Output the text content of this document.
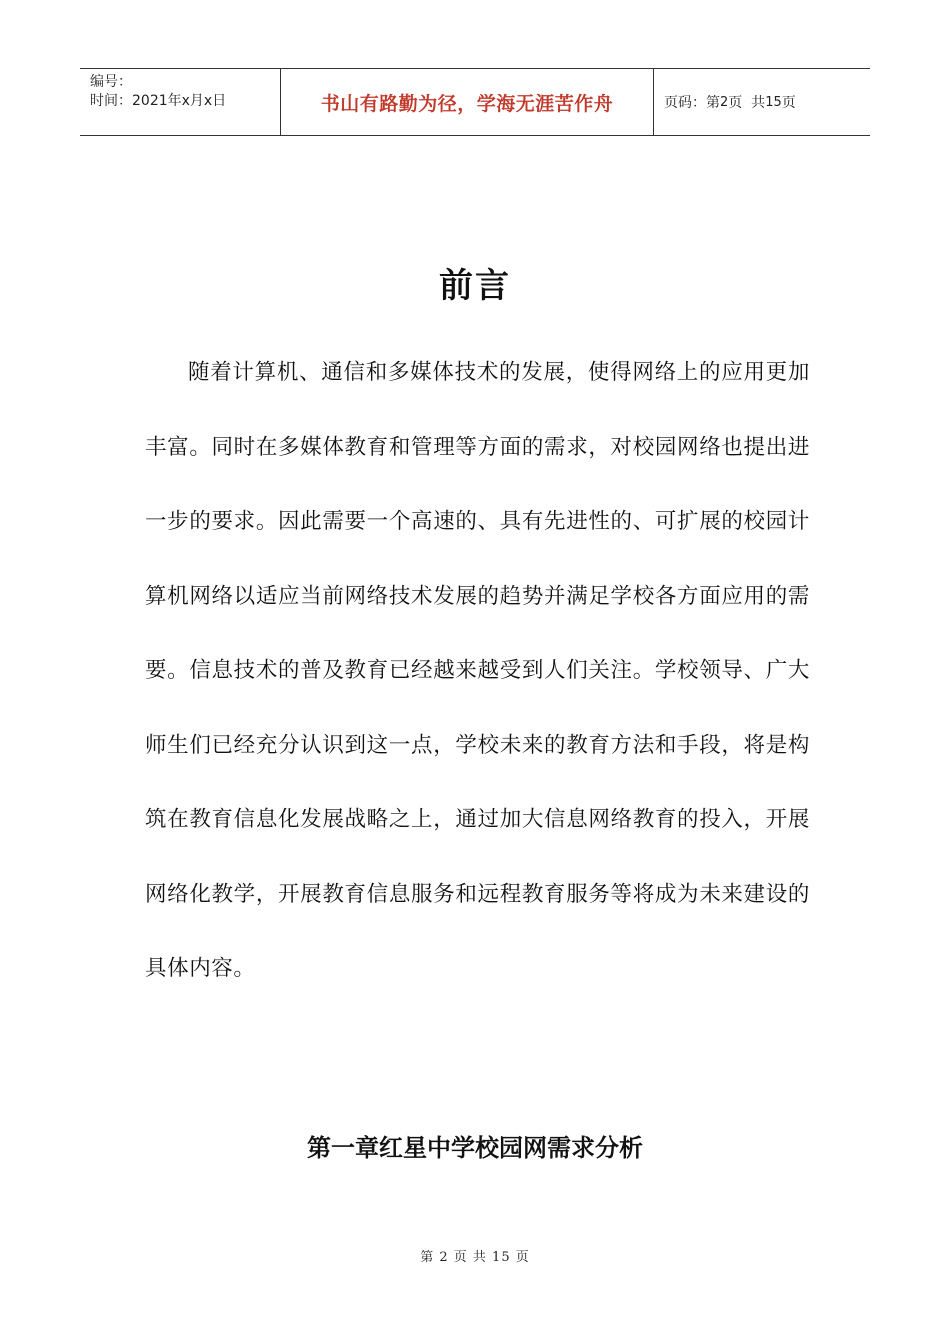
编号：
时间：2021年x月x日	书山有路勤为径，学海无涯苦作舟	页码：第 2 页  共 15 页
前言
随着计算机、通信和多媒体技术的发展，使得网络上的应用更加丰富。同时在多媒体教育和管理等方面的需求，对校园网络也提出进一步的要求。因此需要一个高速的、具有先进性的、可扩展的校园计算机网络以适应当前网络技术发展的趋势并满足学校各方面应用的需要。信息技术的普及教育已经越来越受到人们关注。学校领导、广大师生们已经充分认识到这一点，学校未来的教育方法和手段，将是构筑在教育信息化发展战略之上，通过加大信息网络教育的投入，开展网络化教学，开展教育信息服务和远程教育服务等将成为未来建设的具体内容。
第一章红星中学校园网需求分析
第 2 页 共 15 页
